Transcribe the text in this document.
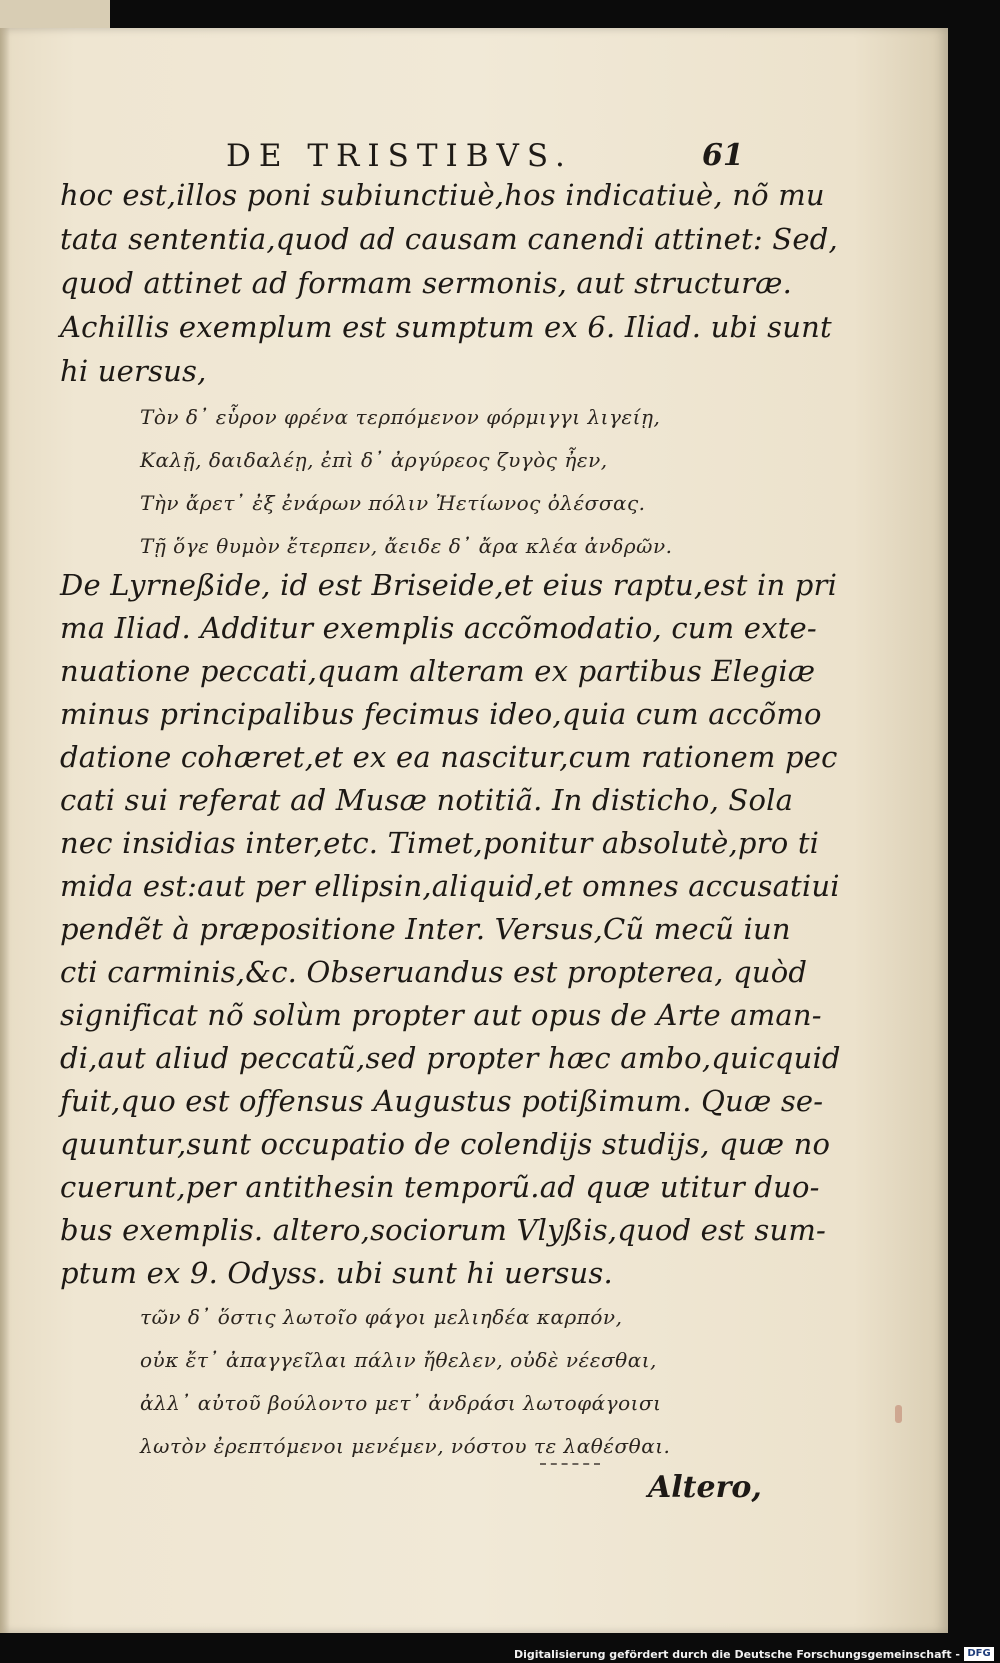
DE TRISTIBVS.	61
hoc est,illos poni subiunctiuè,hos indicatiuè, nõ mu
tata sententia,quod ad causam canendi attinet: Sed,
quod attinet ad formam sermonis, aut structuræ.
Achillis exemplum est sumptum ex 6. Iliad. ubi sunt
hi uersus,
Τὸν δ᾽ εὗρον φρένα τερπόμενον φόρμιγγι λιγείῃ,
Καλῇ, δαιδαλέῃ, ἐπὶ δ᾽ ἀργύρεος ζυγὸς ἦεν,
Τὴν ἄρετ᾽ ἐξ ἐνάρων πόλιν Ἠετίωνος ὀλέσσας.
Τῇ ὅγε θυμὸν ἔτερπεν, ἄειδε δ᾽ ἄρα κλέα ἀνδρῶν.
De Lyrneßide, id est Briseide,et eius raptu,est in pri
ma Iliad. Additur exemplis accõmodatio, cum exte-
nuatione peccati,quam alteram ex partibus Elegiæ
minus principalibus fecimus ideo,quia cum accõmo
datione cohæret,et ex ea nascitur,cum rationem pec
cati sui referat ad Musæ notitiã. In disticho, Sola
nec insidias inter,etc. Timet,ponitur absolutè,pro ti
mida est:aut per ellipsin,aliquid,et omnes accusatiui
pendẽt à præpositione Inter. Versus,Cũ mecũ iun
cti carminis,&c. Obseruandus est propterea, quòd
significat nõ solùm propter aut opus de Arte aman-
di,aut aliud peccatũ,sed propter hæc ambo,quicquid
fuit,quo est offensus Augustus potißimum. Quæ se-
quuntur,sunt occupatio de colendijs studijs, quæ no
cuerunt,per antithesin temporũ.ad quæ utitur duo-
bus exemplis. altero,sociorum Vlyßis,quod est sum-
ptum ex 9. Odyss. ubi sunt hi uersus.
τῶν δ᾽ ὅστις λωτοῖο φάγοι μελιηδέα καρπόν,
οὐκ ἔτ᾽ ἀπαγγεῖλαι πάλιν ἤθελεν, οὐδὲ νέεσθαι,
ἀλλ᾽ αὐτοῦ βούλοντο μετ᾽ ἀνδράσι λωτοφάγοισι
λωτὸν ἐρεπτόμενοι μενέμεν, νόστου τε λαθέσθαι.
Altero,
Digitalisierung gefördert durch die Deutsche Forschungsgemeinschaft - DFG
